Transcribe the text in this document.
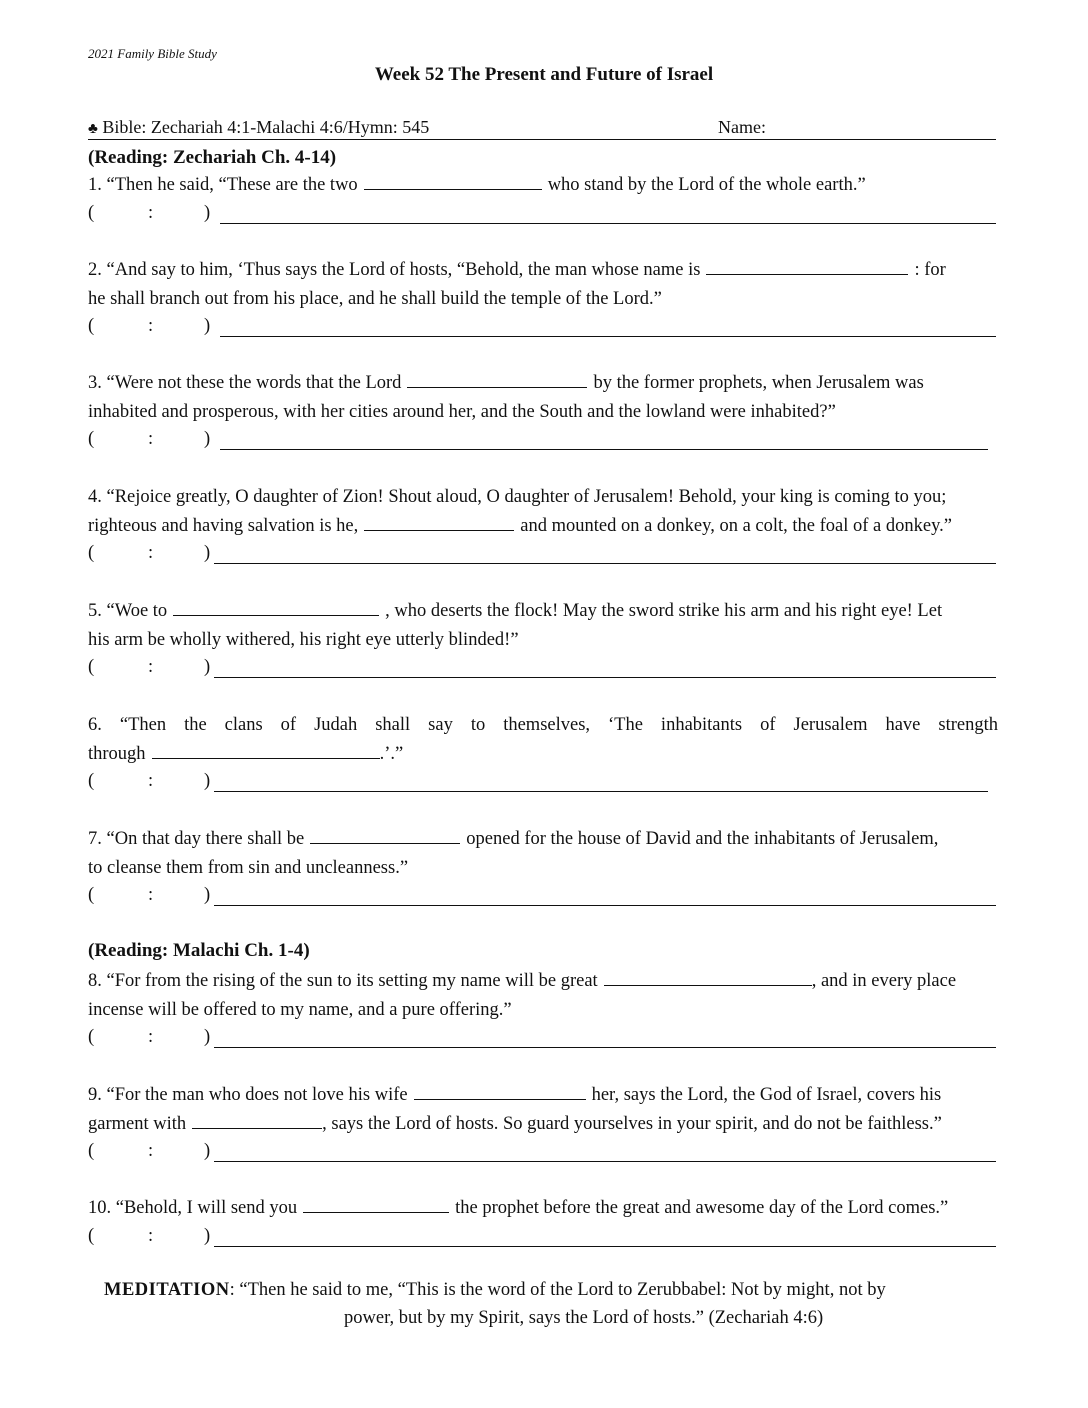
2021 Family Bible Study
Week 52 The Present and Future of Israel
♣ Bible: Zechariah 4:1-Malachi 4:6/Hymn: 545	Name:
(Reading: Zechariah Ch. 4-14)
1. “Then he said, “These are the two	who stand by the Lord of the whole earth.”
(	:	)
2. “And say to him, ‘Thus says the Lord of hosts, “Behold, the man whose name is	: for
he shall branch out from his place, and he shall build the temple of the Lord.”
(	:	)
3. “Were not these the words that the Lord	by the former prophets, when Jerusalem was
inhabited and prosperous, with her cities around her, and the South and the lowland were inhabited?”
(	:	)
4. “Rejoice greatly, O daughter of Zion! Shout aloud, O daughter of Jerusalem! Behold, your king is coming to you;
righteous and having salvation is he,	and mounted on a donkey, on a colt, the foal of a donkey.”
(	:	)
5. “Woe to	, who deserts the flock! May the sword strike his arm and his right eye! Let
his arm be wholly withered, his right eye utterly blinded!”
(	:	)
6. “Then the clans of Judah shall say to themselves, ‘The inhabitants of Jerusalem have strength
through	.’.”
(	:	)
7. “On that day there shall be	opened for the house of David and the inhabitants of Jerusalem,
to cleanse them from sin and uncleanness.”
(	:	)
(Reading: Malachi Ch. 1-4)
8. “For from the rising of the sun to its setting my name will be great	, and in every place
incense will be offered to my name, and a pure offering.”
(	:	)
9. “For the man who does not love his wife	her, says the Lord, the God of Israel, covers his
garment with	, says the Lord of hosts. So guard yourselves in your spirit, and do not be faithless.”
(	:	)
10. “Behold, I will send you	the prophet before the great and awesome day of the Lord comes.”
(	:	)
MEDITATION: “Then he said to me, “This is the word of the Lord to Zerubbabel: Not by might, not by
power, but by my Spirit, says the Lord of hosts.” (Zechariah 4:6)
